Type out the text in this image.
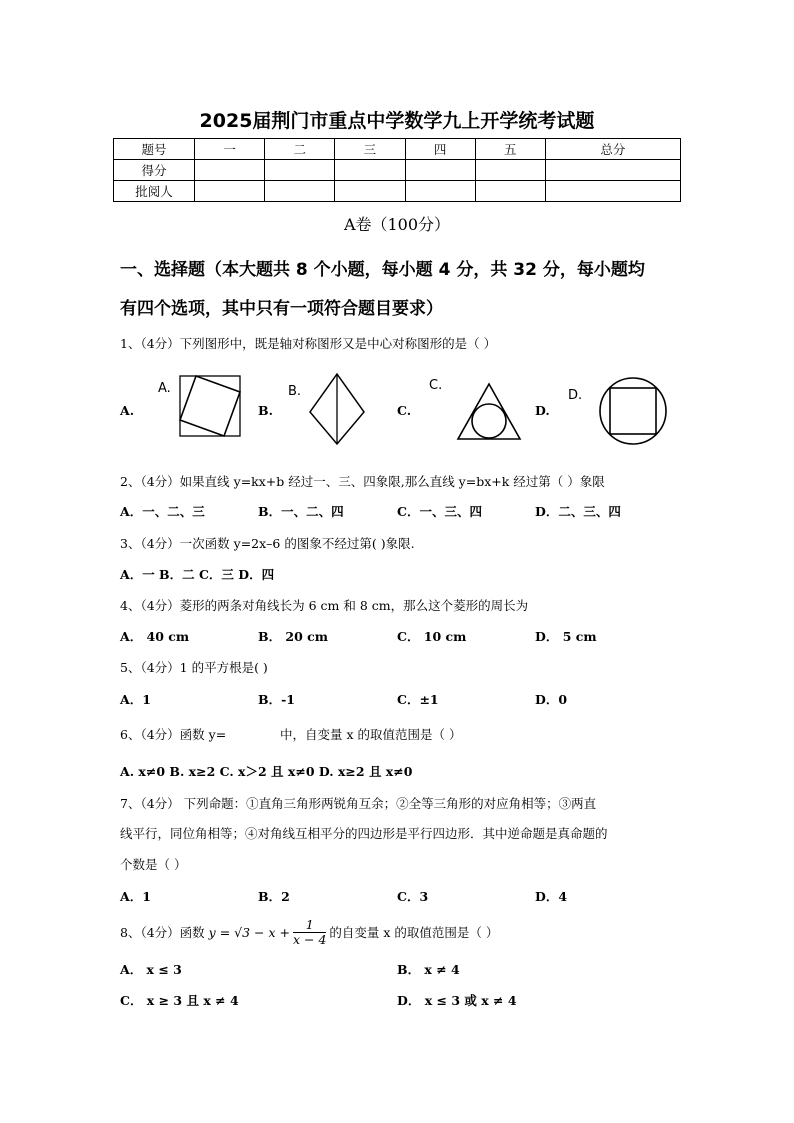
2025届荆门市重点中学数学九上开学统考试题
题号	一	二	三	四	五	总分
得分						
批阅人						
A卷（100分）
一、选择题（本大题共 8 个小题，每小题 4 分，共 32 分，每小题均
有四个选项，其中只有一项符合题目要求）
1、（4分）下列图形中，既是轴对称图形又是中心对称图形的是（ ）
A.
A.
B.
B.
C.
C.
D.
D.
2、（4分）如果直线 y=kx+b 经过一、三、四象限,那么直线 y=bx+k 经过第（ ）象限
A．一、二、三	B．一、二、四	C．一、三、四	D．二、三、四
3、（4分）一次函数 y=2x–6 的图象不经过第( )象限.
A．一 B．二 C．三 D．四
4、（4分）菱形的两条对角线长为 6 cm 和 8 cm，那么这个菱形的周长为
A． 40 cm	B． 20 cm	C． 10 cm	D． 5 cm
5、（4分）1 的平方根是( )
A．1	B．-1	C．±1	D．0
6、（4分）函数 y=	中，自变量 x 的取值范围是（ ）
A. x≠0 B. x≥2 C. x＞2 且 x≠0 D. x≥2 且 x≠0
7、（4分） 下列命题：①直角三角形两锐角互余；②全等三角形的对应角相等；③两直
线平行，同位角相等；④对角线互相平分的四边形是平行四边形．其中逆命题是真命题的
个数是（ ）
A．1	B．2	C．3	D．4
8、（4分）函数 $y = √3 - x + \frac{1}{x - 4}$ 的自变量 x 的取值范围是（ ）
A． x ≤ 3	B． x ≠ 4
C． x ≥ 3 且 x ≠ 4	D． x ≤ 3 或 x ≠ 4
